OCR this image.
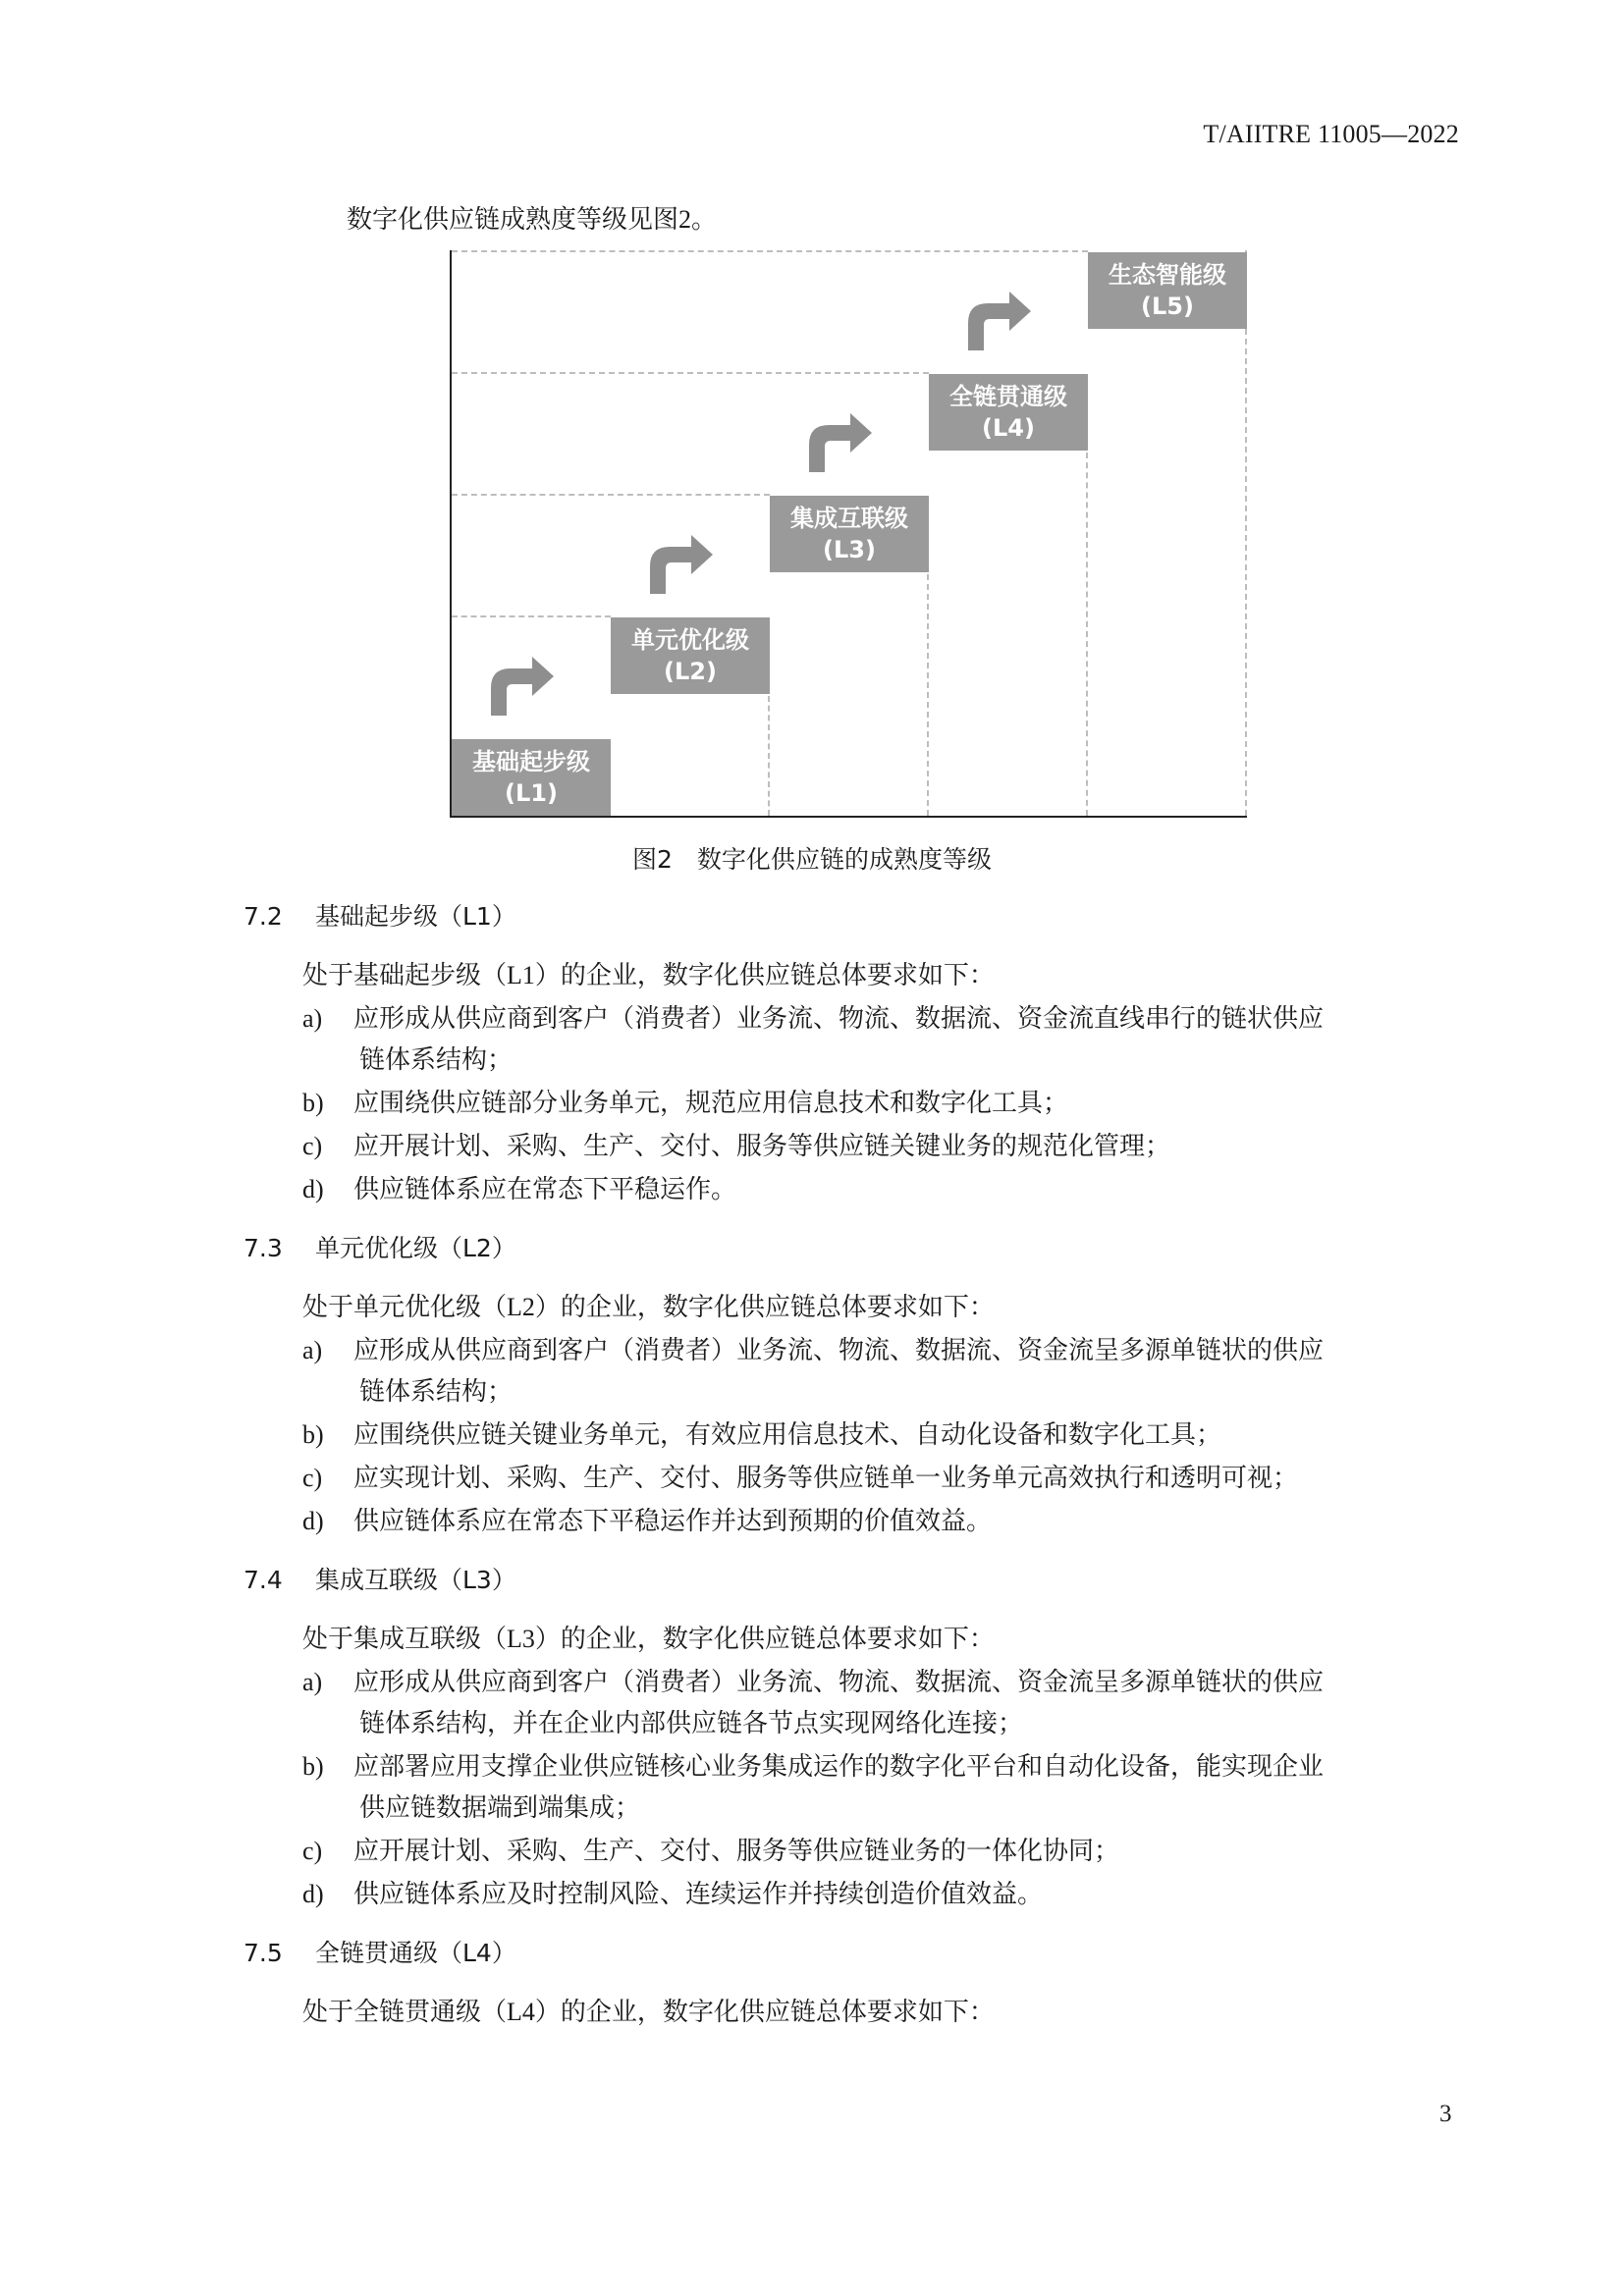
T/AIITRE 11005—2022
数字化供应链成熟度等级见图2。
基础起步级
(L1)
单元优化级
(L2)
集成互联级
(L3)
全链贯通级
(L4)
生态智能级
(L5)
图2　数字化供应链的成熟度等级
7.2 基础起步级（L1）
处于基础起步级（L1）的企业，数字化供应链总体要求如下：
a) 应形成从供应商到客户（消费者）业务流、物流、数据流、资金流直线串行的链状供应
链体系结构；
b) 应围绕供应链部分业务单元，规范应用信息技术和数字化工具；
c) 应开展计划、采购、生产、交付、服务等供应链关键业务的规范化管理；
d) 供应链体系应在常态下平稳运作。
7.3 单元优化级（L2）
处于单元优化级（L2）的企业，数字化供应链总体要求如下：
a) 应形成从供应商到客户（消费者）业务流、物流、数据流、资金流呈多源单链状的供应
链体系结构；
b) 应围绕供应链关键业务单元，有效应用信息技术、自动化设备和数字化工具；
c) 应实现计划、采购、生产、交付、服务等供应链单一业务单元高效执行和透明可视；
d) 供应链体系应在常态下平稳运作并达到预期的价值效益。
7.4 集成互联级（L3）
处于集成互联级（L3）的企业，数字化供应链总体要求如下：
a) 应形成从供应商到客户（消费者）业务流、物流、数据流、资金流呈多源单链状的供应
链体系结构，并在企业内部供应链各节点实现网络化连接；
b) 应部署应用支撑企业供应链核心业务集成运作的数字化平台和自动化设备，能实现企业
供应链数据端到端集成；
c) 应开展计划、采购、生产、交付、服务等供应链业务的一体化协同；
d) 供应链体系应及时控制风险、连续运作并持续创造价值效益。
7.5 全链贯通级（L4）
处于全链贯通级（L4）的企业，数字化供应链总体要求如下：
3
